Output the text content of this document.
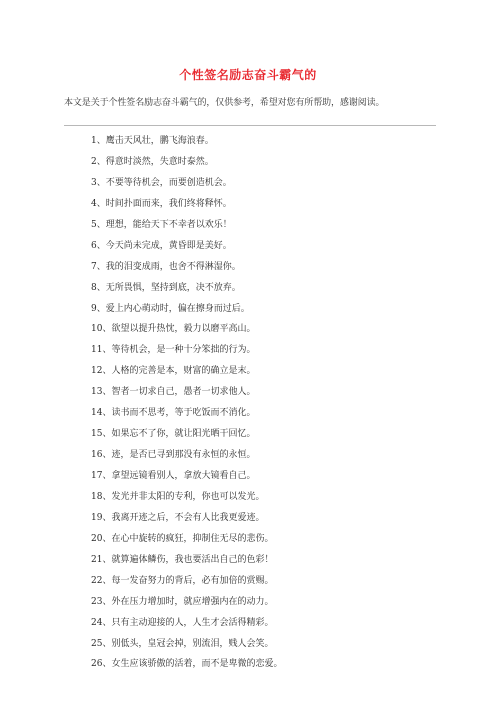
个性签名励志奋斗霸气的
本文是关于个性签名励志奋斗霸气的，仅供参考，希望对您有所帮助，感谢阅读。
1、鹰击天风壮，鹏飞海浪春。
2、得意时淡然，失意时泰然。
3、不要等待机会，而要创造机会。
4、时间扑面而来，我们终将释怀。
5、理想，能给天下不幸者以欢乐！
6、今天尚未完成，黄昏即是美好。
7、我的泪变成雨，也舍不得淋湿你。
8、无所畏惧，坚持到底，决不放弃。
9、爱上内心萌动时，偏在擦身而过后。
10、欲望以提升热忱，毅力以磨平高山。
11、等待机会，是一种十分笨拙的行为。
12、人格的完善是本，财富的确立是末。
13、智者一切求自己，愚者一切求他人。
14、读书而不思考，等于吃饭而不消化。
15、如果忘不了你，就让阳光晒干回忆。
16、迹，是否已寻到那没有永恒的永恒。
17、拿望远镜看别人，拿放大镜看自己。
18、发光并非太阳的专利，你也可以发光。
19、我离开迹之后，不会有人比我更爱迹。
20、在心中旋转的疯狂，抑制住无尽的悲伤。
21、就算遍体鳞伤，我也要活出自己的色彩！
22、每一发奋努力的背后，必有加倍的赏赐。
23、外在压力增加时，就应增强内在的动力。
24、只有主动迎接的人，人生才会活得精彩。
25、别低头，皇冠会掉，别流泪，贱人会笑。
26、女生应该骄傲的活着，而不是卑微的恋爱。
